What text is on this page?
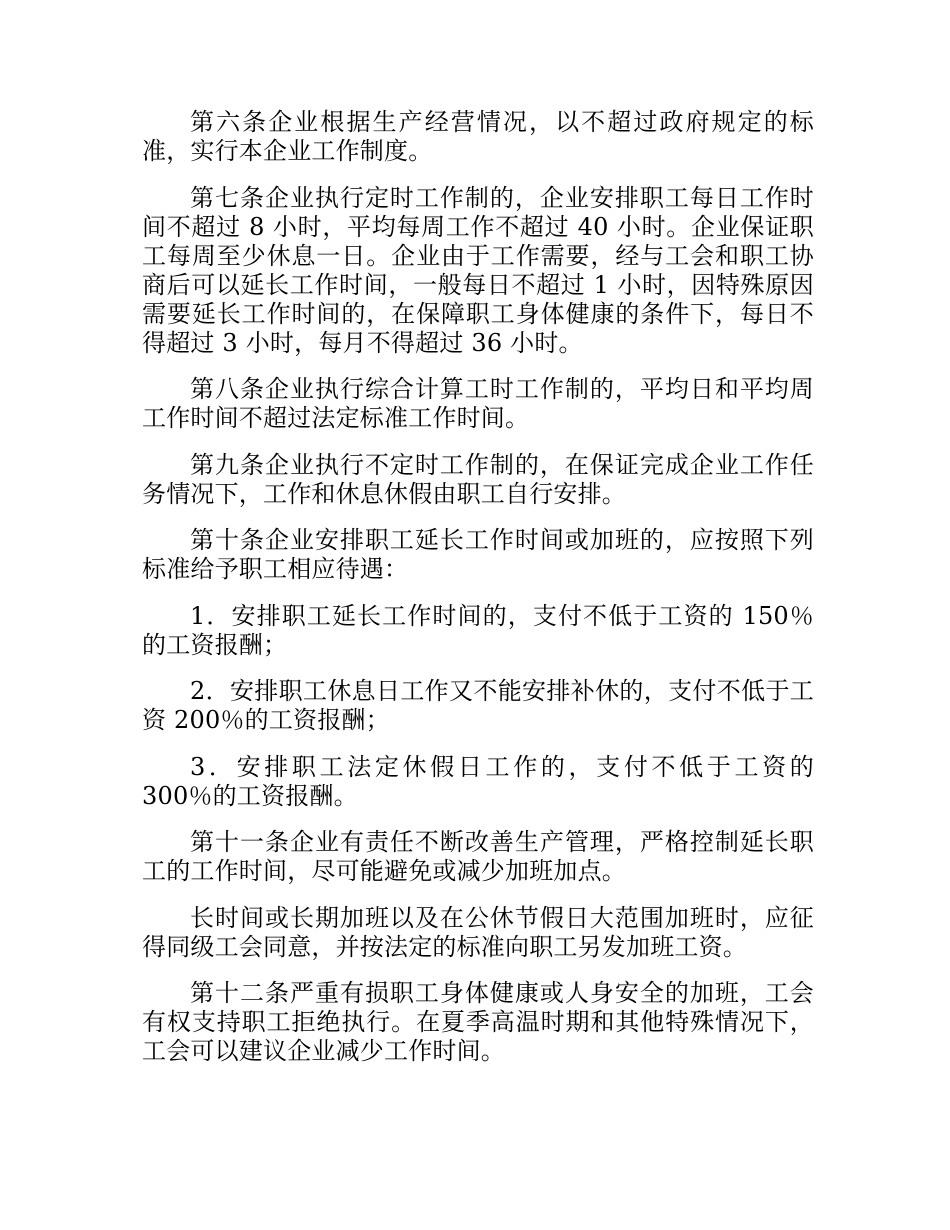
第六条企业根据生产经营情况，以不超过政府规定的标准，实行本企业工作制度。

第七条企业执行定时工作制的，企业安排职工每日工作时间不超过 8 小时，平均每周工作不超过 40 小时。企业保证职工每周至少休息一日。企业由于工作需要，经与工会和职工协商后可以延长工作时间，一般每日不超过 1 小时，因特殊原因需要延长工作时间的，在保障职工身体健康的条件下，每日不得超过 3 小时，每月不得超过 36 小时。

第八条企业执行综合计算工时工作制的，平均日和平均周工作时间不超过法定标准工作时间。

第九条企业执行不定时工作制的，在保证完成企业工作任务情况下，工作和休息休假由职工自行安排。

第十条企业安排职工延长工作时间或加班的，应按照下列标准给予职工相应待遇：

1．安排职工延长工作时间的，支付不低于工资的 150％的工资报酬；

2．安排职工休息日工作又不能安排补休的，支付不低于工资 200％的工资报酬；

3．安排职工法定休假日工作的，支付不低于工资的 300％的工资报酬。

第十一条企业有责任不断改善生产管理，严格控制延长职工的工作时间，尽可能避免或减少加班加点。

长时间或长期加班以及在公休节假日大范围加班时，应征得同级工会同意，并按法定的标准向职工另发加班工资。

第十二条严重有损职工身体健康或人身安全的加班，工会有权支持职工拒绝执行。在夏季高温时期和其他特殊情况下，工会可以建议企业减少工作时间。
